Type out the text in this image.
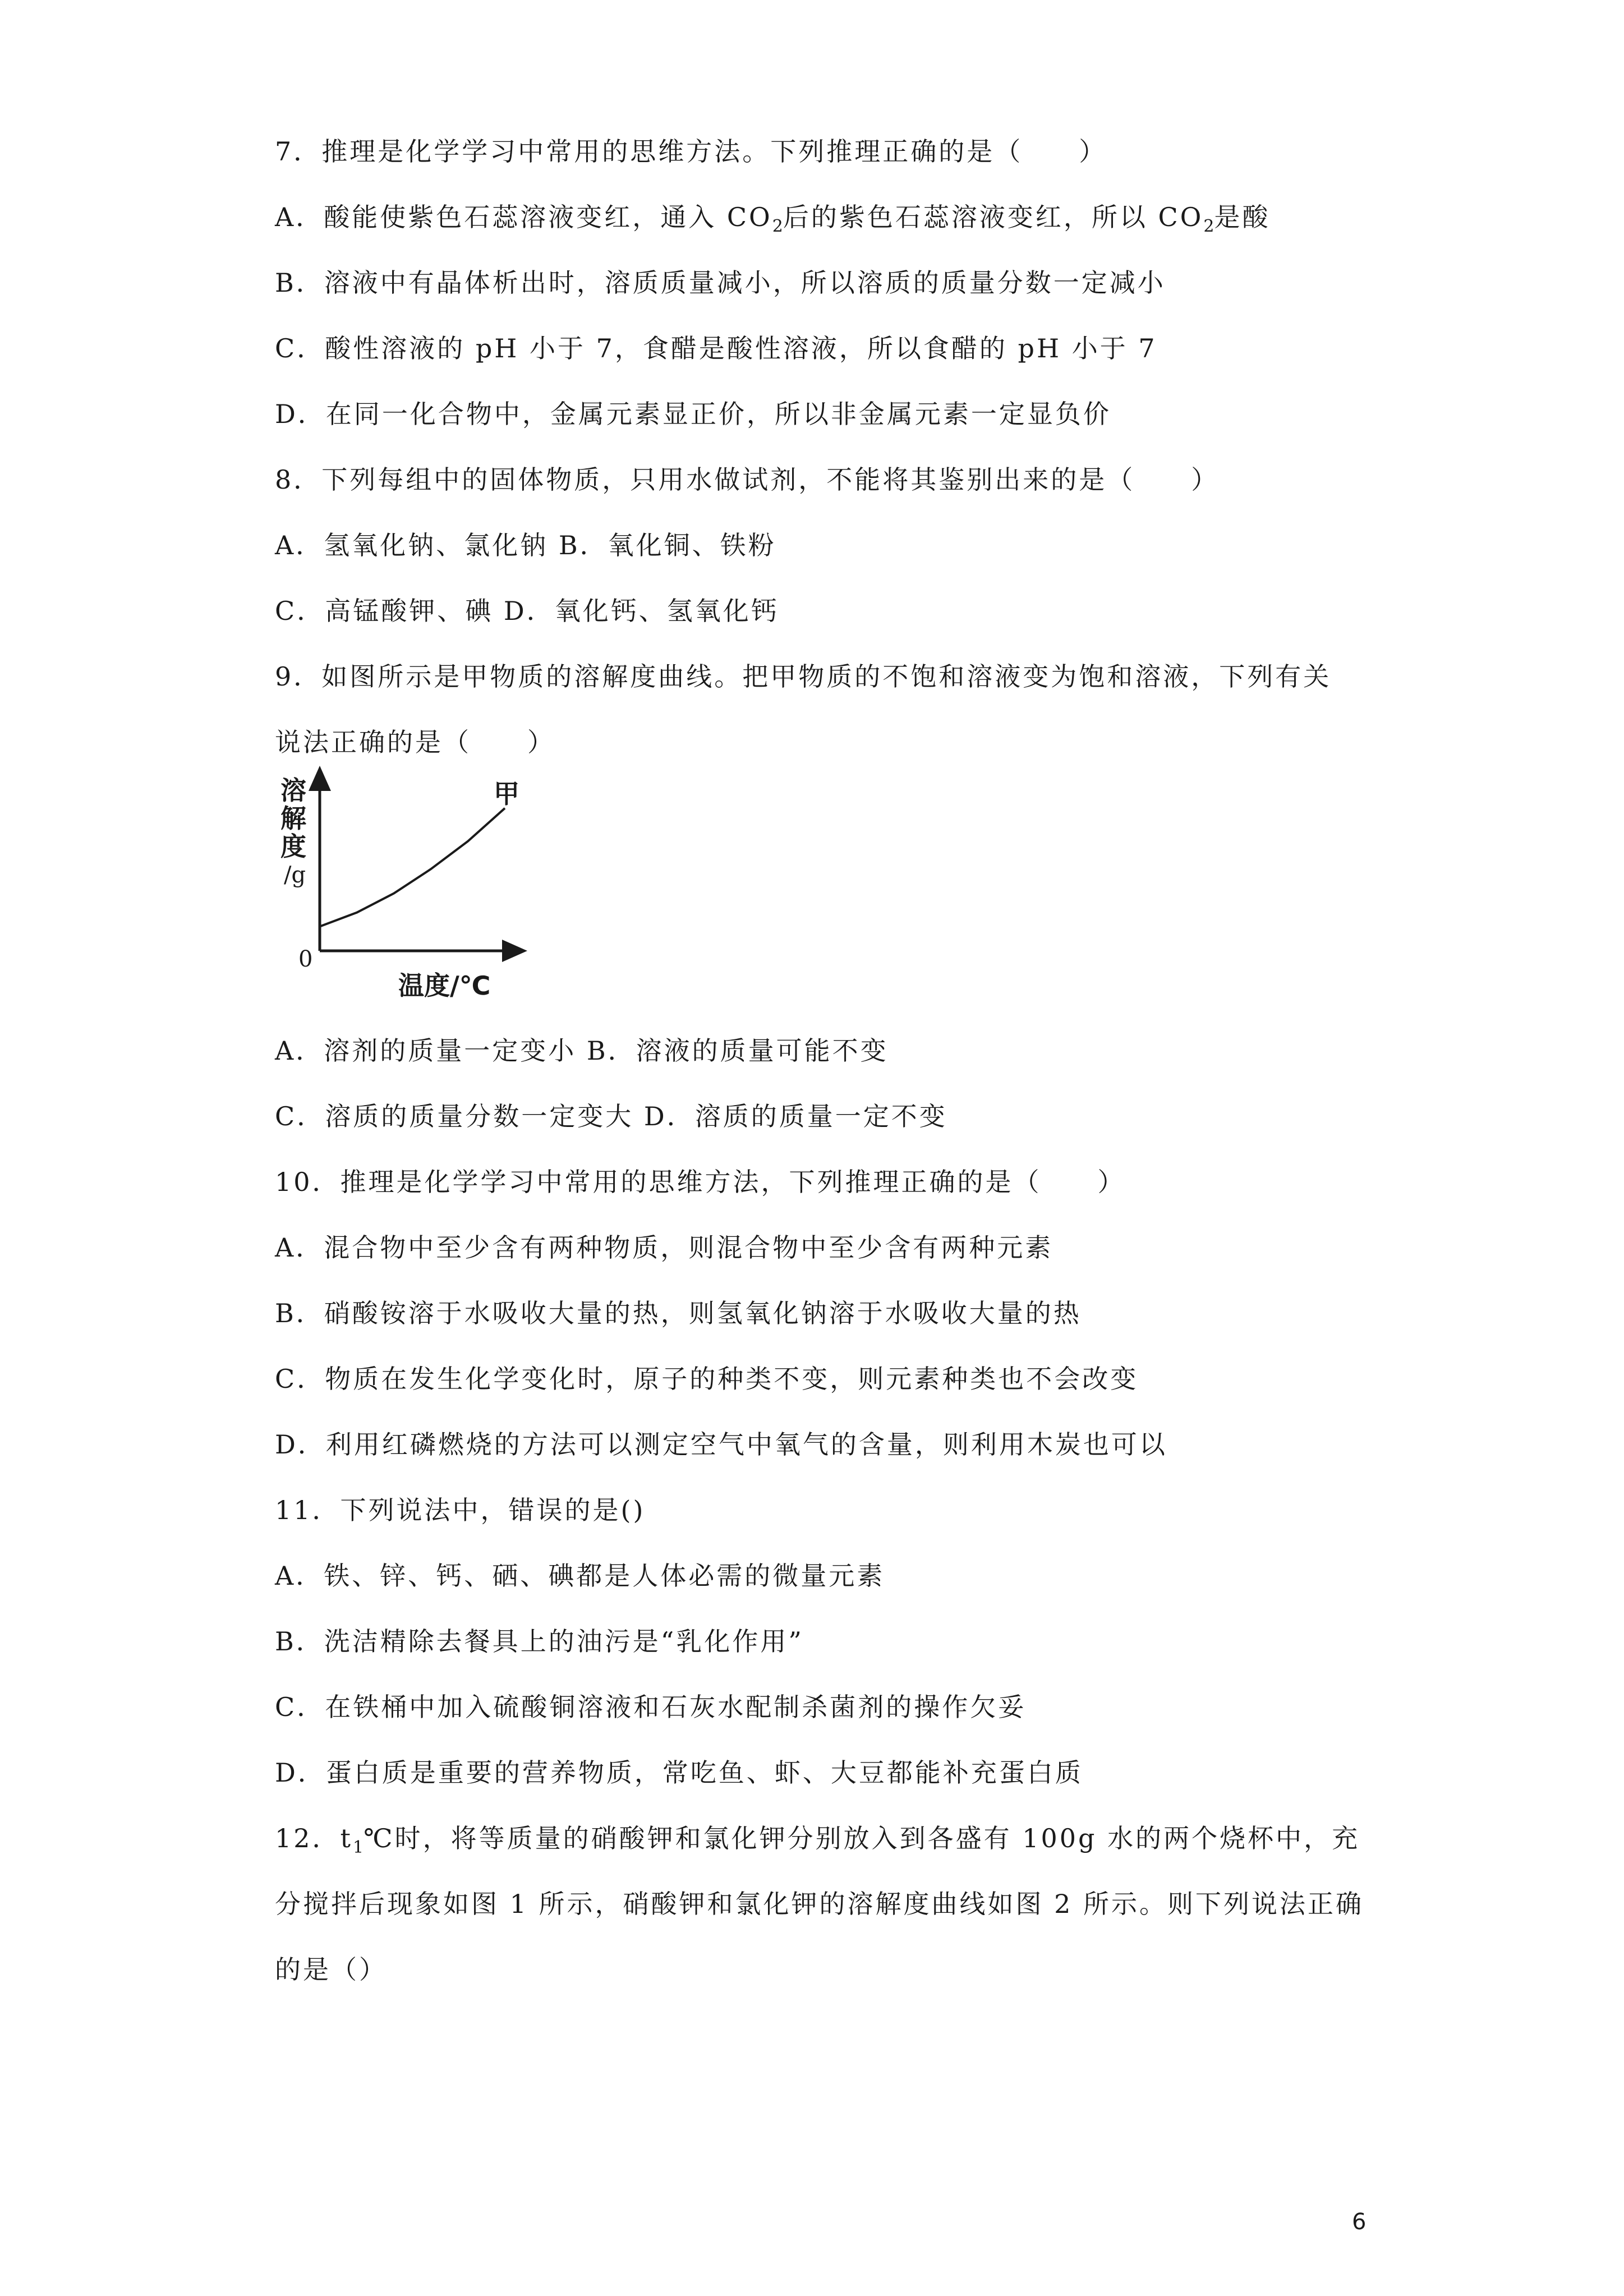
7．推理是化学学习中常用的思维方法。下列推理正确的是（　　）
A．酸能使紫色石蕊溶液变红，通入 $CO_2$后的紫色石蕊溶液变红，所以 $CO_2$是酸
B．溶液中有晶体析出时，溶质质量减小，所以溶质的质量分数一定减小
C．酸性溶液的 pH 小于 7，食醋是酸性溶液，所以食醋的 pH 小于 7
D．在同一化合物中，金属元素显正价，所以非金属元素一定显负价
8．下列每组中的固体物质，只用水做试剂，不能将其鉴别出来的是（　　）
A．氢氧化钠、氯化钠 B．氧化铜、铁粉
C．高锰酸钾、碘 D．氧化钙、氢氧化钙
9．如图所示是甲物质的溶解度曲线。把甲物质的不饱和溶液变为饱和溶液，下列有关
说法正确的是（　　）
溶
解
度
/g
0
温度/℃
甲
A．溶剂的质量一定变小 B．溶液的质量可能不变
C．溶质的质量分数一定变大 D．溶质的质量一定不变
10．推理是化学学习中常用的思维方法，下列推理正确的是（　　）
A．混合物中至少含有两种物质，则混合物中至少含有两种元素
B．硝酸铵溶于水吸收大量的热，则氢氧化钠溶于水吸收大量的热
C．物质在发生化学变化时，原子的种类不变，则元素种类也不会改变
D．利用红磷燃烧的方法可以测定空气中氧气的含量，则利用木炭也可以
11．下列说法中，错误的是()
A．铁、锌、钙、硒、碘都是人体必需的微量元素
B．洗洁精除去餐具上的油污是“乳化作用”
C．在铁桶中加入硫酸铜溶液和石灰水配制杀菌剂的操作欠妥
D．蛋白质是重要的营养物质，常吃鱼、虾、大豆都能补充蛋白质
12．$t_1℃$时，将等质量的硝酸钾和氯化钾分别放入到各盛有 100g 水的两个烧杯中，充
分搅拌后现象如图 1 所示，硝酸钾和氯化钾的溶解度曲线如图 2 所示。则下列说法正确
的是（）
6
